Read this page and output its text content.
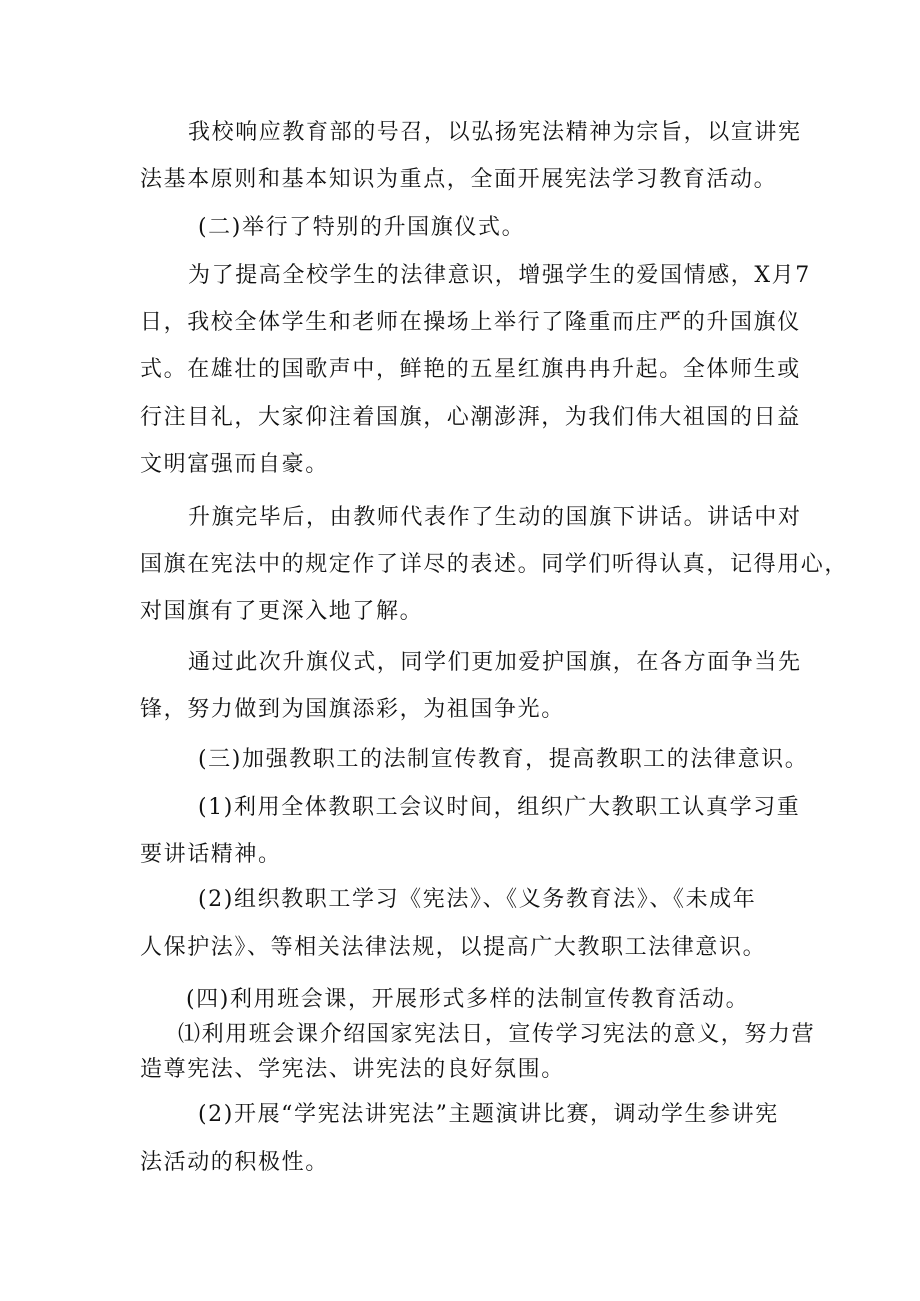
我校响应教育部的号召，以弘扬宪法精神为宗旨，以宣讲宪
法基本原则和基本知识为重点，全面开展宪法学习教育活动。
(二)举行了特别的升国旗仪式。
为了提高全校学生的法律意识，增强学生的爱国情感，X月7
日，我校全体学生和老师在操场上举行了隆重而庄严的升国旗仪
式。在雄壮的国歌声中，鲜艳的五星红旗冉冉升起。全体师生或
行注目礼，大家仰注着国旗，心潮澎湃，为我们伟大祖国的日益
文明富强而自豪。
升旗完毕后，由教师代表作了生动的国旗下讲话。讲话中对
国旗在宪法中的规定作了详尽的表述。同学们听得认真，记得用心，
对国旗有了更深入地了解。
通过此次升旗仪式，同学们更加爱护国旗，在各方面争当先
锋，努力做到为国旗添彩，为祖国争光。
(三)加强教职工的法制宣传教育，提高教职工的法律意识。
(1)利用全体教职工会议时间，组织广大教职工认真学习重
要讲话精神。
(2)组织教职工学习《宪法》、《义务教育法》、《未成年
人保护法》、等相关法律法规，以提高广大教职工法律意识。
(四)利用班会课，开展形式多样的法制宣传教育活动。
⑴利用班会课介绍国家宪法日，宣传学习宪法的意义，努力营
造尊宪法、学宪法、讲宪法的良好氛围。
(2)开展“学宪法讲宪法”主题演讲比赛，调动学生参讲宪
法活动的积极性。
